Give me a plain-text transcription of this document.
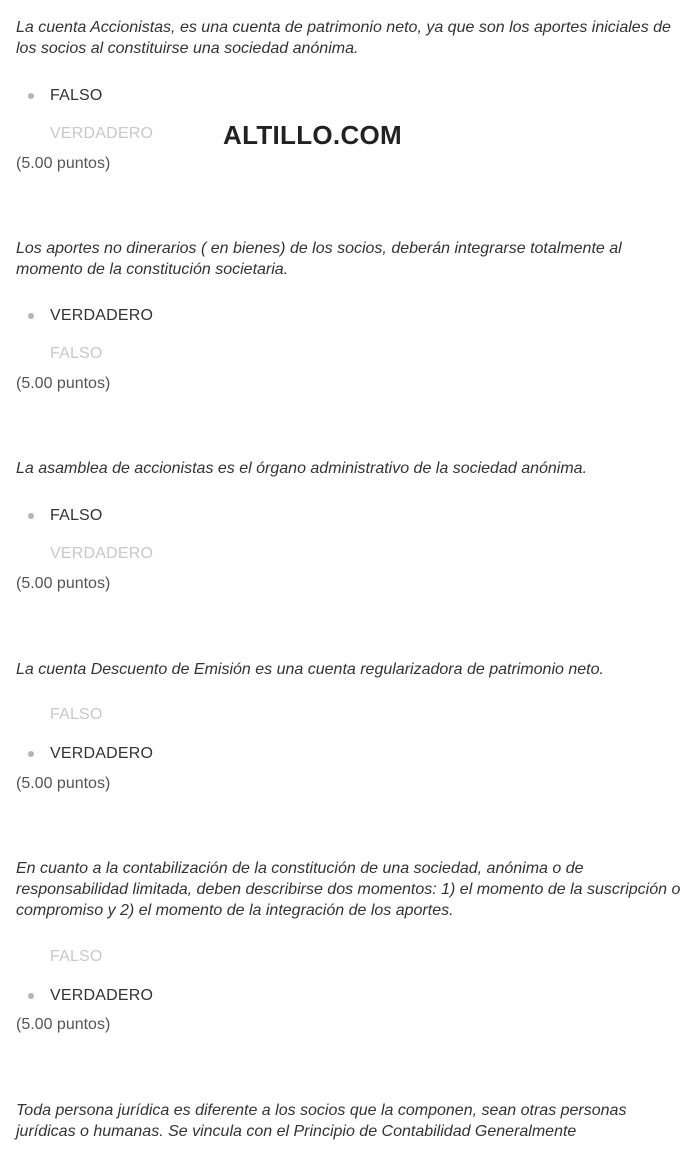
La cuenta Accionistas, es una cuenta de patrimonio neto, ya que son los aportes iniciales de los socios al constituirse una sociedad anónima.

FALSO
VERDADERO
(5.00 puntos)
ALTILLO.COM

Los aportes no dinerarios ( en bienes) de los socios, deberán integrarse totalmente al momento de la constitución societaria.

VERDADERO
FALSO
(5.00 puntos)

La asamblea de accionistas es el órgano administrativo de la sociedad anónima.

FALSO
VERDADERO
(5.00 puntos)

La cuenta Descuento de Emisión es una cuenta regularizadora de patrimonio neto.

FALSO
VERDADERO
(5.00 puntos)

En cuanto a la contabilización de la constitución de una sociedad, anónima o de responsabilidad limitada, deben describirse dos momentos: 1) el momento de la suscripción o compromiso y 2) el momento de la integración de los aportes.

FALSO
VERDADERO
(5.00 puntos)

Toda persona jurídica es diferente a los socios que la componen, sean otras personas jurídicas o humanas. Se vincula con el Principio de Contabilidad Generalmente
